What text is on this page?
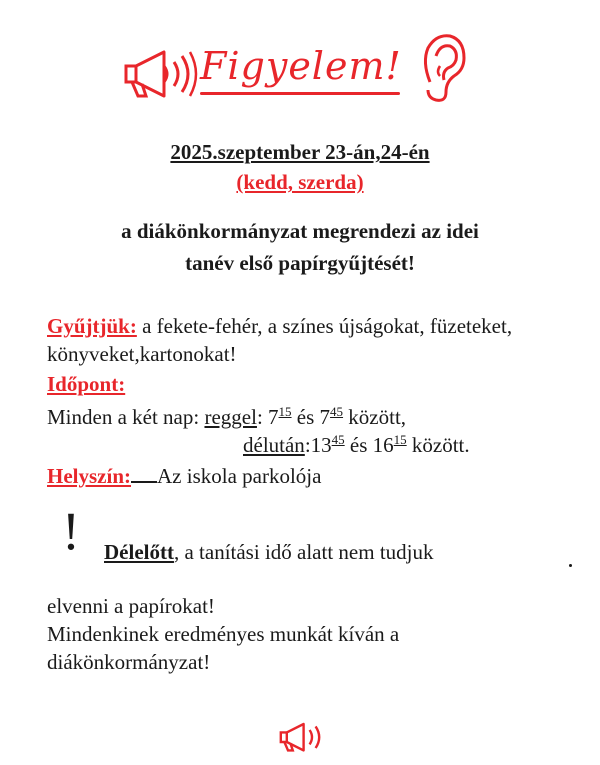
Figyelem!
2025.szeptember 23-án,24-én
(kedd, szerda)
a diákönkormányzat megrendezi az idei
tanév első papírgyűjtését!
Gyűjtjük: a fekete-fehér, a színes újságokat, füzeteket, könyveket,kartonokat!
Időpont:
Minden a két nap: reggel: $7^{15}$ és $7^{45}$ között,
$délután:13^{45}$ és $16^{15}$ között.
Helyszín: Az iskola parkolója
! Délelőtt, a tanítási idő alatt nem tudjuk
elvenni a papírokat!
Mindenkinek eredményes munkát kíván a diákönkormányzat!
